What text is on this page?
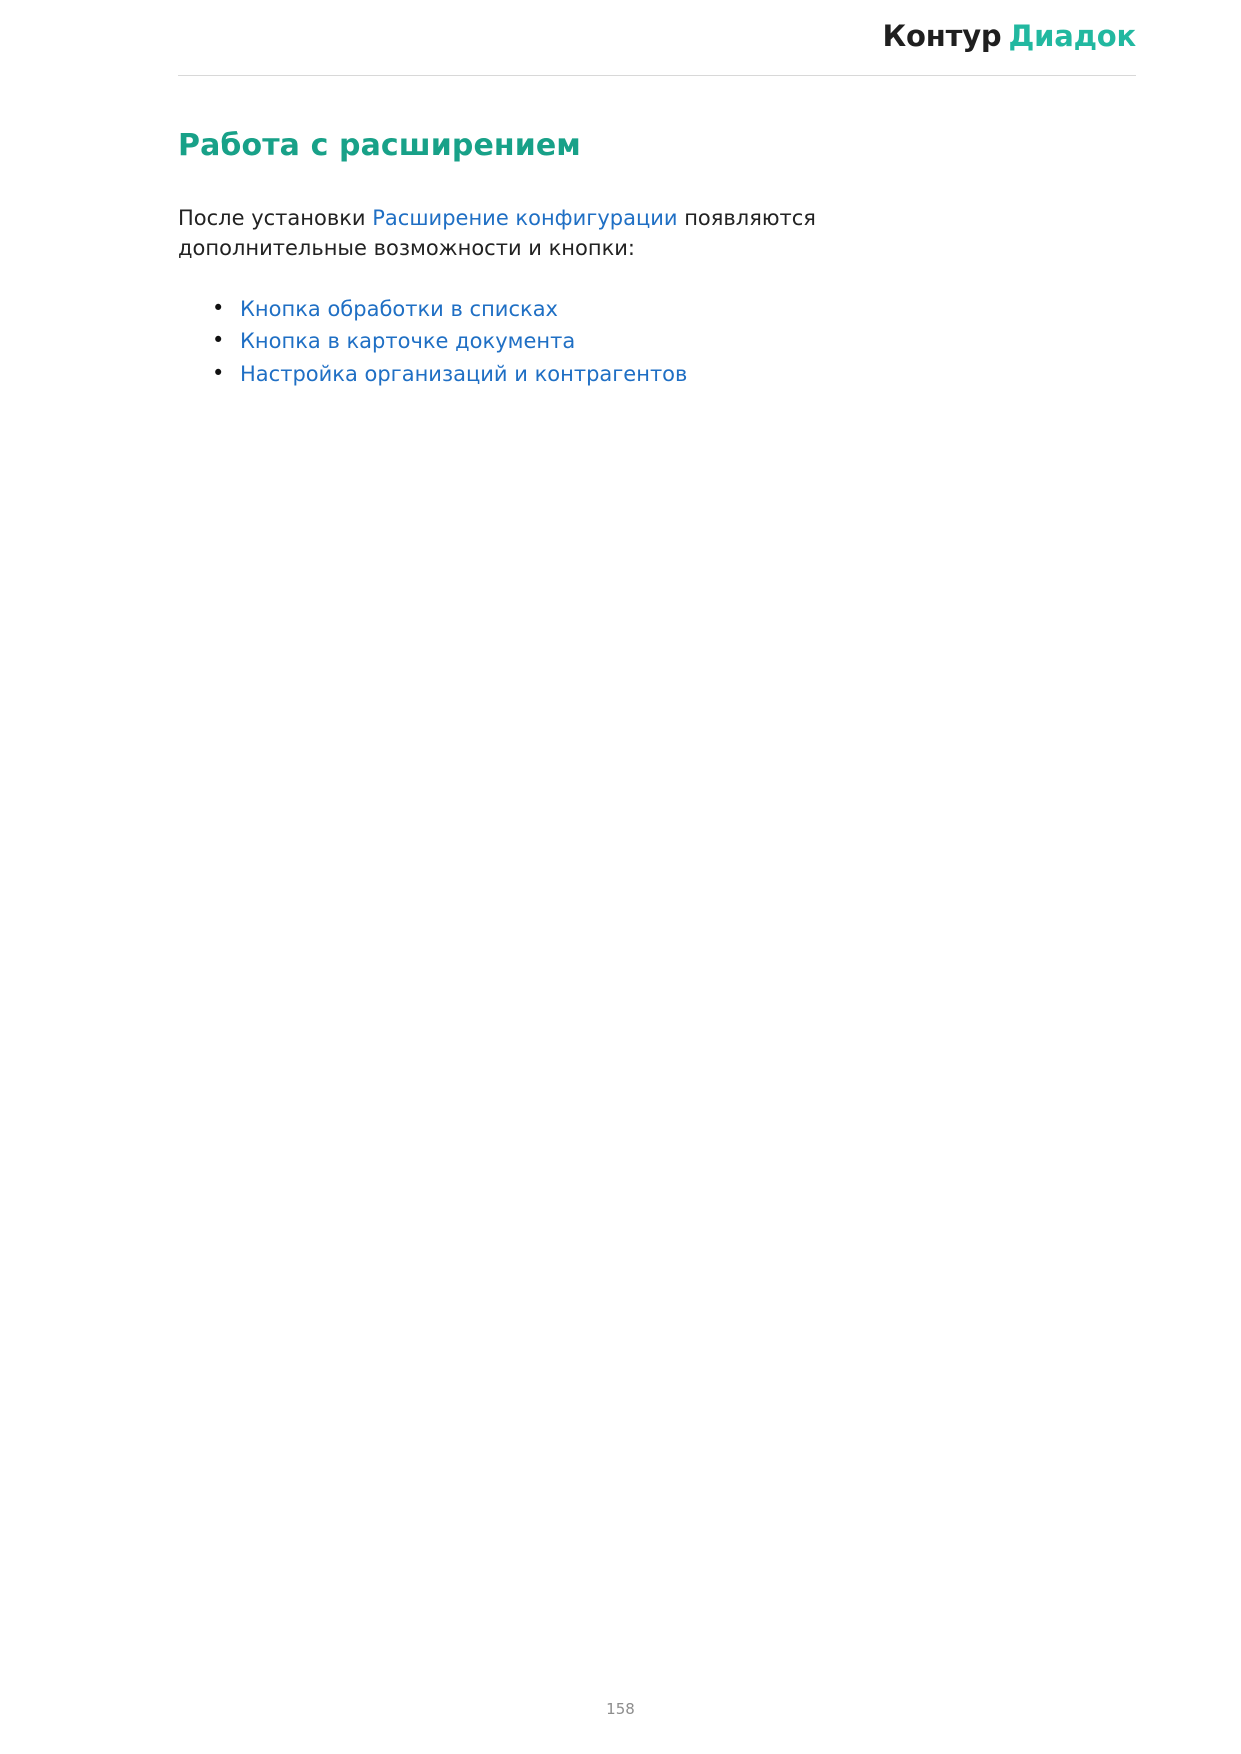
Контур Диадок
Работа с расширением

После установки Расширение конфигурации появляются дополнительные возможности и кнопки:

• Кнопка обработки в списках
• Кнопка в карточке документа
• Настройка организаций и контрагентов
158
